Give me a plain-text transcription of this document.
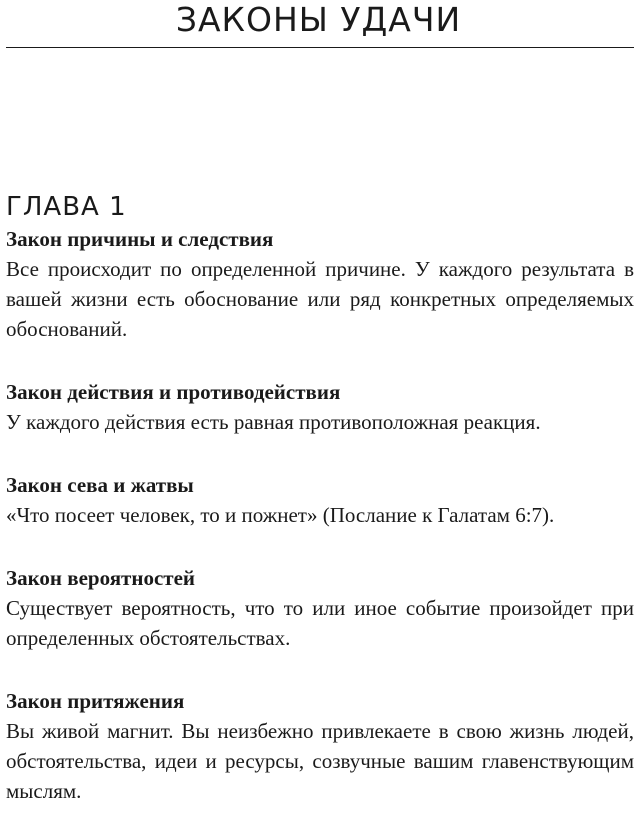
ЗАКОНЫ УДАЧИ
ГЛАВА 1

Закон причины и следствия

Все происходит по определенной причине. У каждого результата в вашей жизни есть обоснование или ряд конкретных определяемых обоснований.

Закон действия и противодействия

У каждого действия есть равная противоположная реакция.

Закон сева и жатвы

«Что посеет человек, то и пожнет» (Послание к Галатам 6:7).

Закон вероятностей

Существует вероятность, что то или иное событие произойдет при определенных обстоятельствах.

Закон притяжения

Вы живой магнит. Вы неизбежно привлекаете в свою жизнь людей, обстоятельства, идеи и ресурсы, созвучные вашим главенствующим мыслям.
